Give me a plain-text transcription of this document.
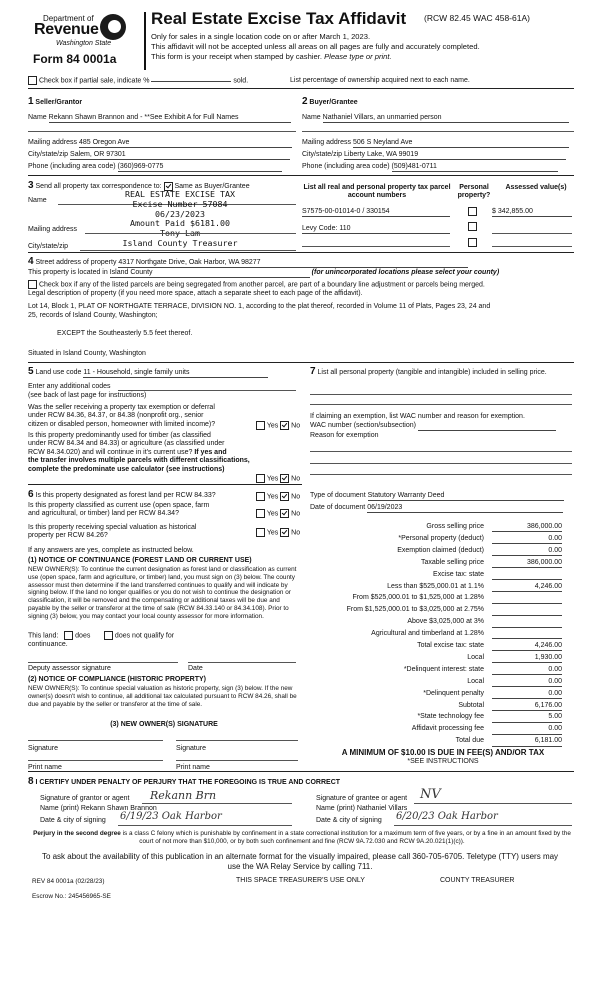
Department of
Revenue
Washington State
Form 84 0001a
Real Estate Excise Tax Affidavit (RCW 82.45 WAC 458-61A)
Only for sales in a single location code on or after March 1, 2023.
This affidavit will not be accepted unless all areas on all pages are fully and accurately completed.
This form is your receipt when stamped by cashier. Please type or print.
Check box if partial sale, indicate %	sold.	List percentage of ownership acquired next to each name.
1 Seller/Grantor
Name Rekann Shawn Brannon and - **See Exhibit A for Full Names
Mailing address 485 Oregon Ave
City/state/zip Salem, OR 97301
Phone (including area code) (360)969-0775
2 Buyer/Grantee
Name Nathaniel Villars, an unmarried person
Mailing address 506 S Neyland Ave
City/state/zip Liberty Lake, WA 99019
Phone (including area code) (509)481-0711
3 Send all property tax correspondence to: Same as Buyer/Grantee
Name
REAL ESTATE EXCISE TAX
Excise Number 57084
06/23/2023
Amount Paid $6181.00
Tony Lam
Island County Treasurer
Mailing address
City/state/zip
List all real and personal property tax parcel account numbers
Personal property?
Assessed value(s)
S7575-00-01014-0 / 330154	$ 342,855.00
Levy Code: 110
4 Street address of property 4317 Northgate Drive, Oak Harbor, WA 98277
This property is located in Island County	(for unincorporated locations please select your county)
Check box if any of the listed parcels are being segregated from another parcel, are part of a boundary line adjustment or parcels being merged.
Legal description of property (if you need more space, attach a separate sheet to each page of the affidavit).
Lot 14, Block 1, PLAT OF NORTHGATE TERRACE, DIVISION NO. 1, according to the plat thereof, recorded in Volume 11 of Plats, Pages 23, 24 and
25, records of Island County, Washington;
EXCEPT the Southeasterly 5.5 feet thereof.
Situated in Island County, Washington
5 Land use code 11 - Household, single family units
Enter any additional codes
(see back of last page for instructions)
Was the seller receiving a property tax exemption or deferral
under RCW 84.36, 84.37, or 84.38 (nonprofit org., senior
citizen or disabled person, homeowner with limited income)?	Yes No
Is this property predominantly used for timber (as classified
under RCW 84.34 and 84.33) or agriculture (as classified under
RCW 84.34.020) and will continue in it's current use? If yes and
the transfer involves multiple parcels with different classifications,
complete the predominate use calculator (see instructions)
Yes No
7 List all personal property (tangible and intangible) included in selling price.
If claiming an exemption, list WAC number and reason for exemption.
WAC number (section/subsection)
Reason for exemption
6 Is this property designated as forest land per RCW 84.33?	Yes No
Is this property classified as current use (open space, farm
and agricultural, or timber) land per RCW 84.34?	Yes No
Is this property receiving special valuation as historical
property per RCW 84.26?	Yes No
If any answers are yes, complete as instructed below.
(1) NOTICE OF CONTINUANCE (FOREST LAND OR CURRENT USE)
NEW OWNER(S): To continue the current designation as forest land or classification as current use (open space, farm and agriculture, or timber) land, you must sign on (3) below. The county assessor must then determine if the land transferred continues to qualify and will indicate by signing below. If the land no longer qualifies or you do not wish to continue the designation or classification, it will be removed and the compensating or additional taxes will be due and payable by the seller or transferor at the time of sale (RCW 84.33.140 or 84.34.108). Prior to signing (3) below, you may contact your local county assessor for more information.
This land: does	does not qualify for
continuance.
Deputy assessor signature	Date
(2) NOTICE OF COMPLIANCE (HISTORIC PROPERTY)
NEW OWNER(S): To continue special valuation as historic property, sign (3) below. If the new owner(s) doesn't wish to continue, all additional tax calculated pursuant to RCW 84.26, shall be due and payable by the seller or transferor at the time of sale.
(3) NEW OWNER(S) SIGNATURE
Signature	Signature
Print name	Print name
Type of document Statutory Warranty Deed
Date of document 06/19/2023
Gross selling price	386,000.00
*Personal property (deduct)	0.00
Exemption claimed (deduct)	0.00
Taxable selling price	386,000.00
Excise tax: state

Less than $525,000.01 at 1.1%	4,246.00
From $525,000.01 to $1,525,000 at 1.28%

From $1,525,000.01 to $3,025,000 at 2.75%

Above $3,025,000 at 3%

Agricultural and timberland at 1.28%

Total excise tax: state	4,246.00
Local	1,930.00
*Delinquent interest: state	0.00
Local	0.00
*Delinquent penalty	0.00
Subtotal	6,176.00
*State technology fee	5.00
Affidavit processing fee	0.00
Total due	6,181.00
A MINIMUM OF $10.00 IS DUE IN FEE(S) AND/OR TAX
*SEE INSTRUCTIONS
8 I CERTIFY UNDER PENALTY OF PERJURY THAT THE FOREGOING IS TRUE AND CORRECT
Signature of grantor or agent Rekann Brn
Name (print) Rekann Shawn Brannon
Date & city of signing 6/19/23 Oak Harbor
Signature of grantee or agent NV
Name (print) Nathaniel Villars
Date & city of signing 6/20/23 Oak Harbor
Perjury in the second degree is a class C felony which is punishable by confinement in a state correctional institution for a maximum term of five years, or by a fine in an amount fixed by the court of not more than $10,000, or by both such confinement and fine (RCW 9A.72.030 and RCW 9A.20.021(1)(c)).
To ask about the availability of this publication in an alternate format for the visually impaired, please call 360-705-6705. Teletype (TTY) users may use the WA Relay Service by calling 711.
REV 84 0001a (02/28/23)	THIS SPACE TREASURER'S USE ONLY	COUNTY TREASURER
Escrow No.: 245456965-SE
